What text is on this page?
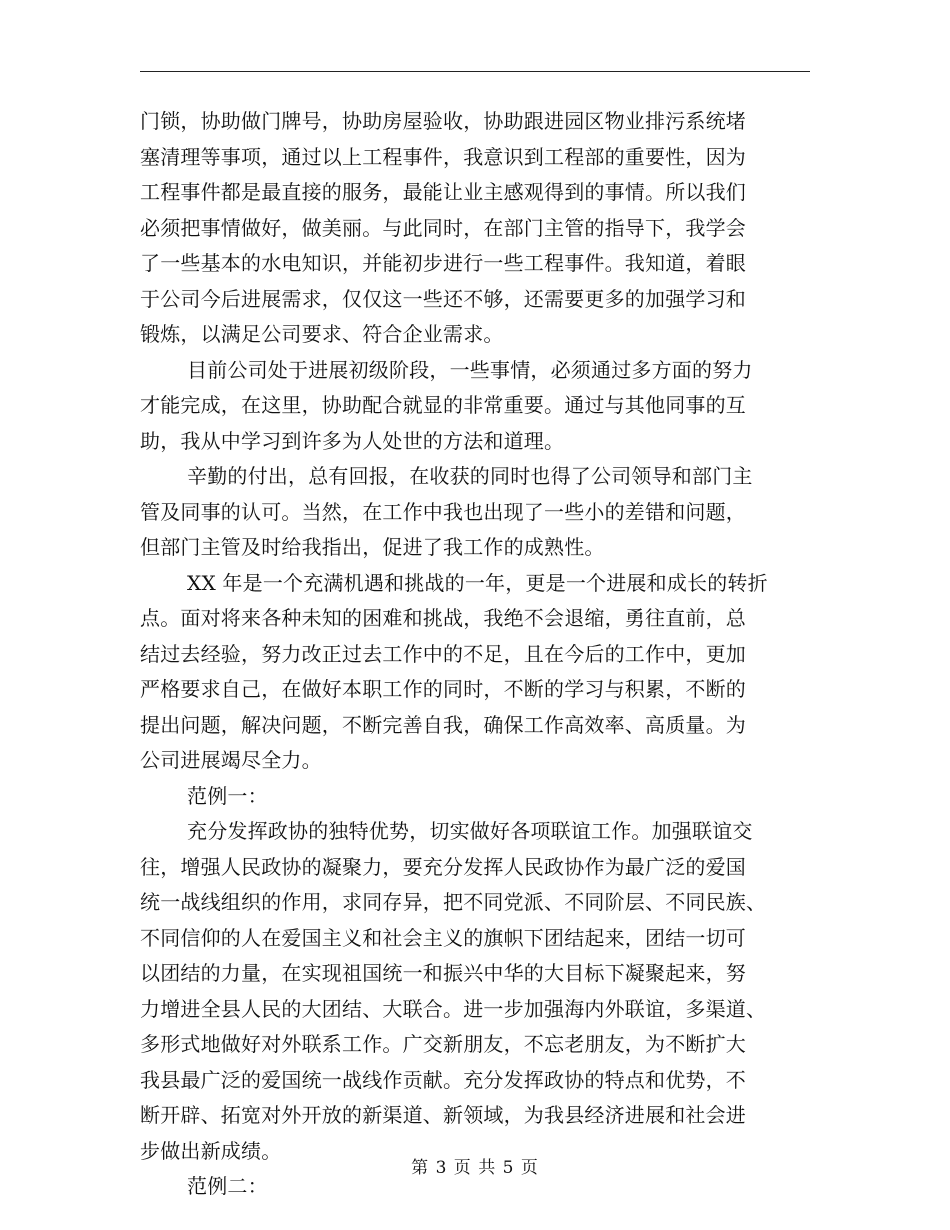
门锁，协助做门牌号，协助房屋验收，协助跟进园区物业排污系统堵
塞清理等事项，通过以上工程事件，我意识到工程部的重要性，因为
工程事件都是最直接的服务，最能让业主感观得到的事情。所以我们
必须把事情做好，做美丽。与此同时，在部门主管的指导下，我学会
了一些基本的水电知识，并能初步进行一些工程事件。我知道，着眼
于公司今后进展需求，仅仅这一些还不够，还需要更多的加强学习和
锻炼，以满足公司要求、符合企业需求。
目前公司处于进展初级阶段，一些事情，必须通过多方面的努力
才能完成，在这里，协助配合就显的非常重要。通过与其他同事的互
助，我从中学习到许多为人处世的方法和道理。
辛勤的付出，总有回报，在收获的同时也得了公司领导和部门主
管及同事的认可。当然，在工作中我也出现了一些小的差错和问题，
但部门主管及时给我指出，促进了我工作的成熟性。
XX 年是一个充满机遇和挑战的一年，更是一个进展和成长的转折
点。面对将来各种未知的困难和挑战，我绝不会退缩，勇往直前，总
结过去经验，努力改正过去工作中的不足，且在今后的工作中，更加
严格要求自己，在做好本职工作的同时，不断的学习与积累，不断的
提出问题，解决问题，不断完善自我，确保工作高效率、高质量。为
公司进展竭尽全力。
范例一：
充分发挥政协的独特优势，切实做好各项联谊工作。加强联谊交
往，增强人民政协的凝聚力，要充分发挥人民政协作为最广泛的爱国
统一战线组织的作用，求同存异，把不同党派、不同阶层、不同民族、
不同信仰的人在爱国主义和社会主义的旗帜下团结起来，团结一切可
以团结的力量，在实现祖国统一和振兴中华的大目标下凝聚起来，努
力增进全县人民的大团结、大联合。进一步加强海内外联谊，多渠道、
多形式地做好对外联系工作。广交新朋友，不忘老朋友，为不断扩大
我县最广泛的爱国统一战线作贡献。充分发挥政协的特点和优势，不
断开辟、拓宽对外开放的新渠道、新领域，为我县经济进展和社会进
步做出新成绩。
范例二：
第 3 页 共 5 页
